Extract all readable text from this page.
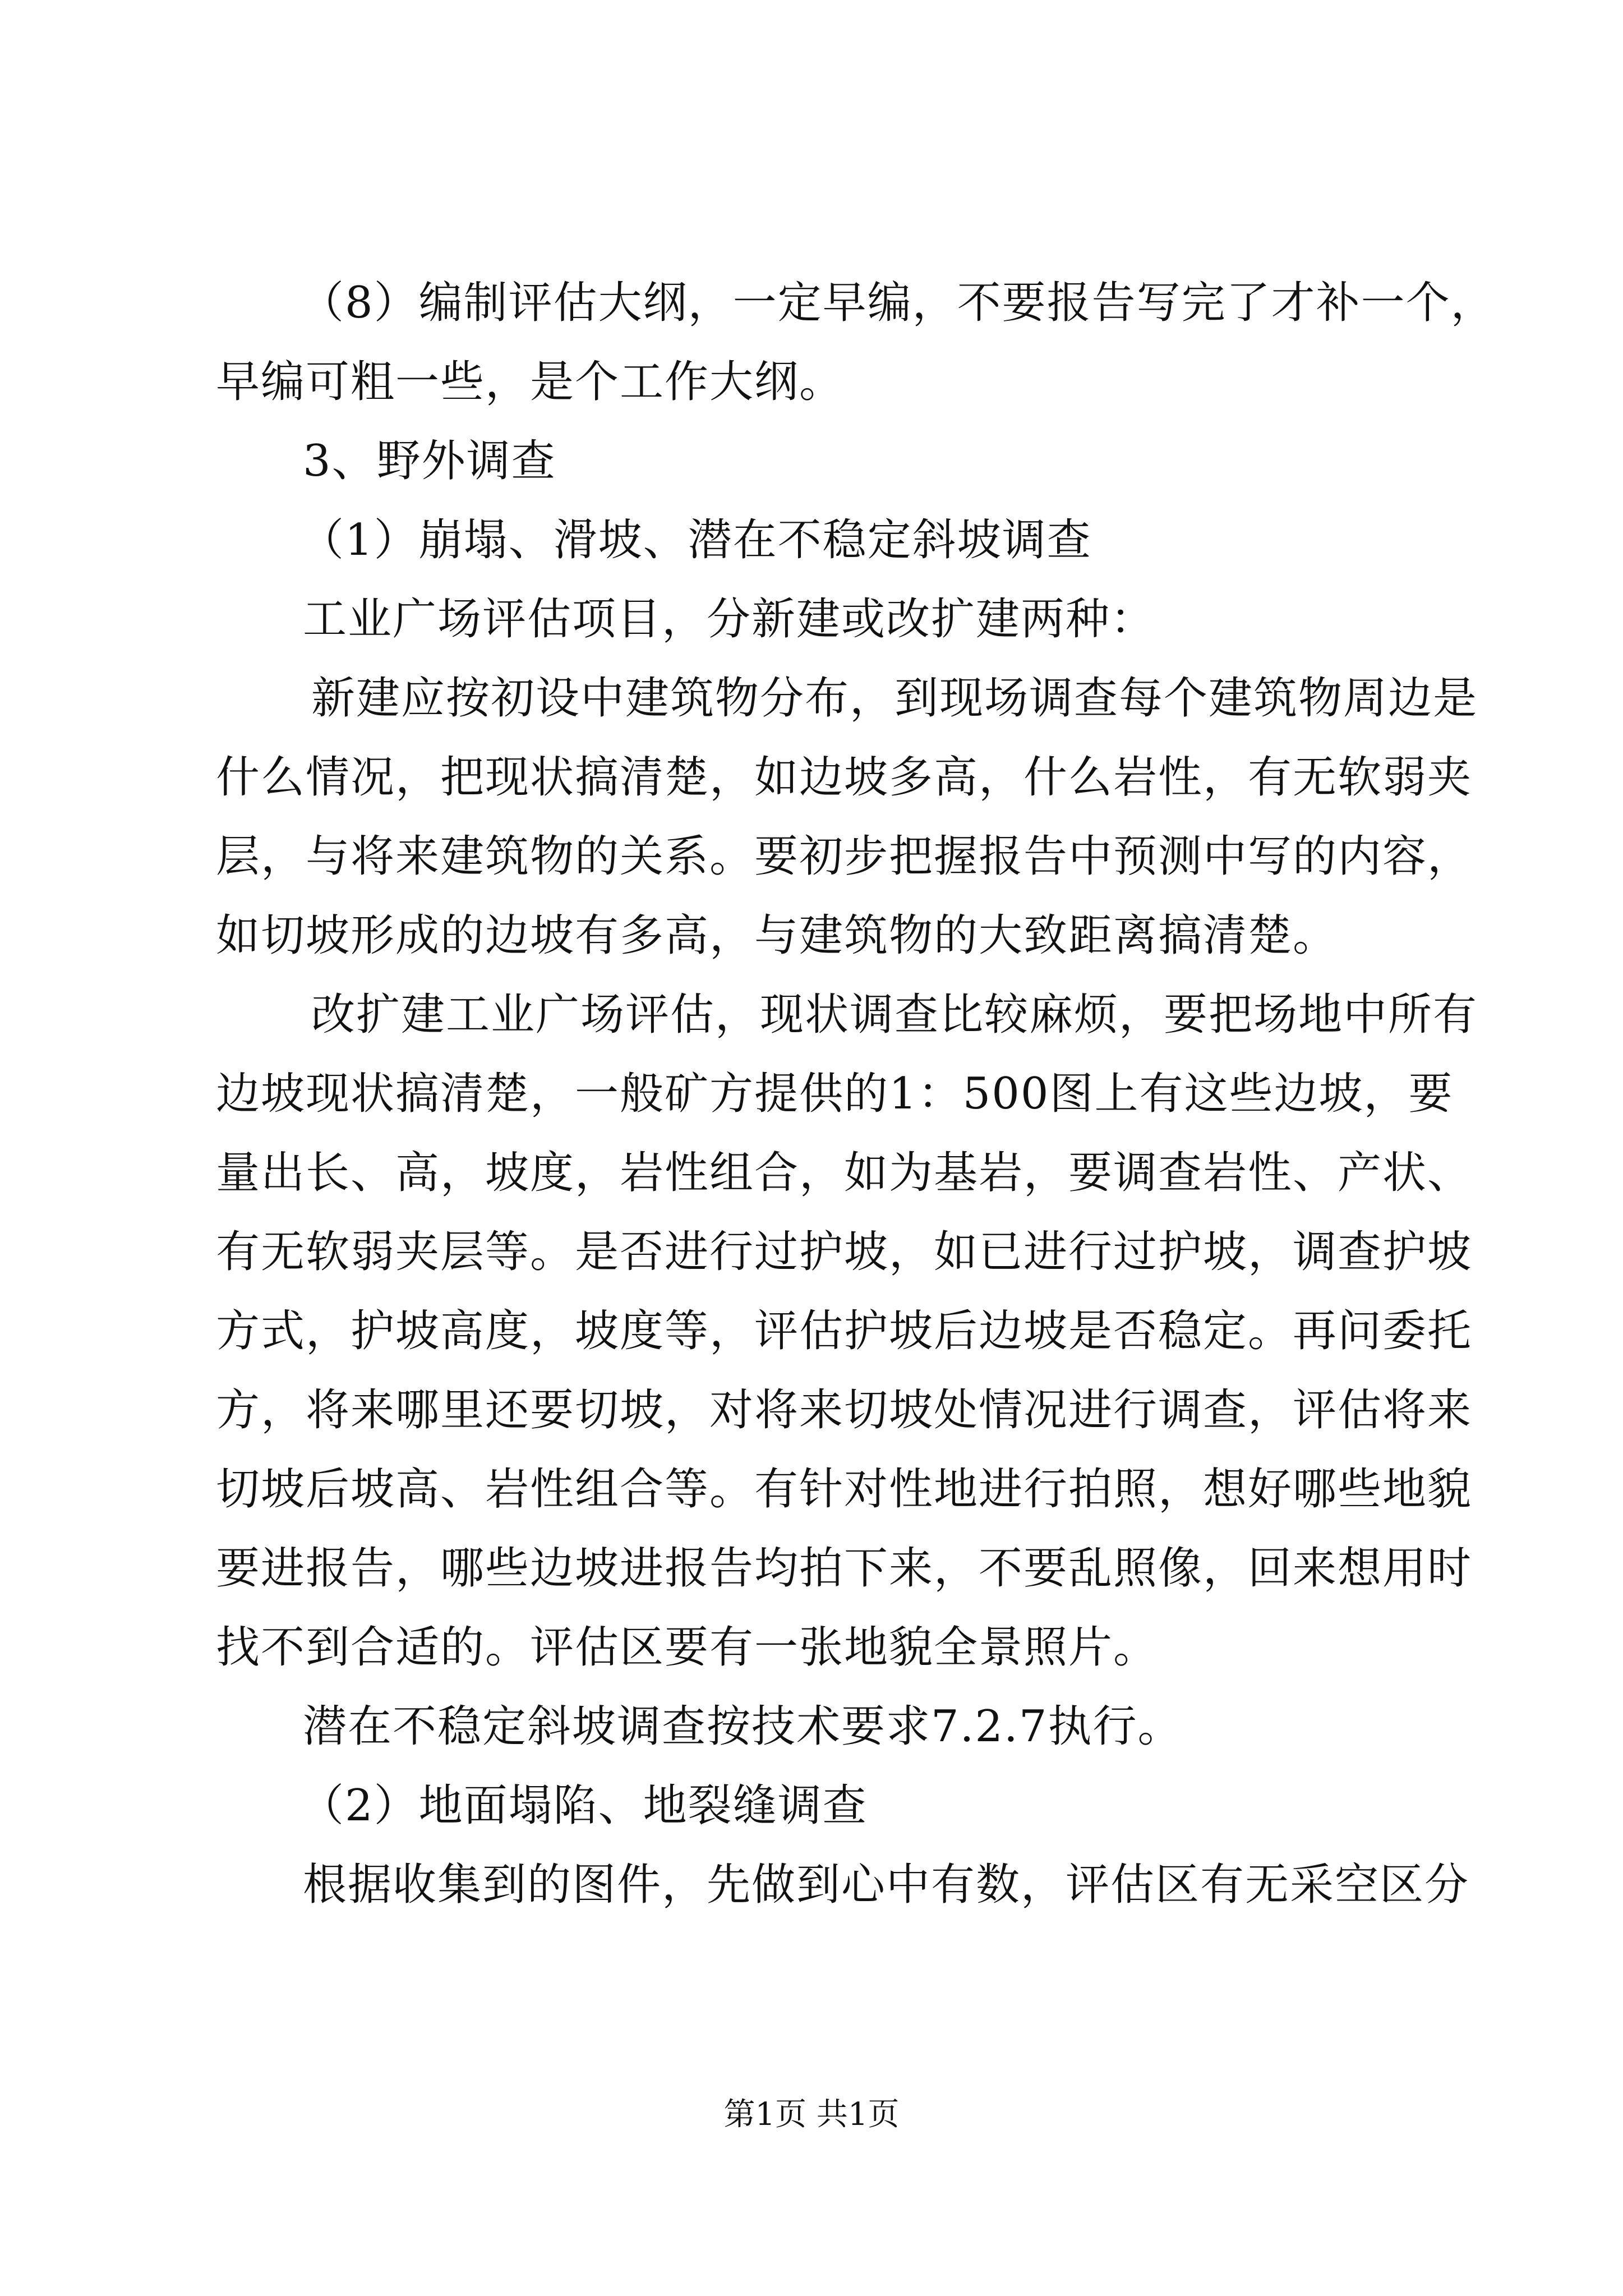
（8）编制评估大纲，一定早编，不要报告写完了才补一个，
早编可粗一些，是个工作大纲。
3、野外调查
（1）崩塌、滑坡、潜在不稳定斜坡调查
工业广场评估项目，分新建或改扩建两种：
新建应按初设中建筑物分布，到现场调查每个建筑物周边是
什么情况，把现状搞清楚，如边坡多高，什么岩性，有无软弱夹
层，与将来建筑物的关系。要初步把握报告中预测中写的内容，
如切坡形成的边坡有多高，与建筑物的大致距离搞清楚。
改扩建工业广场评估，现状调查比较麻烦，要把场地中所有
边坡现状搞清楚，一般矿方提供的1：500图上有这些边坡，要
量出长、高，坡度，岩性组合，如为基岩，要调查岩性、产状、
有无软弱夹层等。是否进行过护坡，如已进行过护坡，调查护坡
方式，护坡高度，坡度等，评估护坡后边坡是否稳定。再问委托
方，将来哪里还要切坡，对将来切坡处情况进行调查，评估将来
切坡后坡高、岩性组合等。有针对性地进行拍照，想好哪些地貌
要进报告，哪些边坡进报告均拍下来，不要乱照像，回来想用时
找不到合适的。评估区要有一张地貌全景照片。
潜在不稳定斜坡调查按技术要求7.2.7执行。
（2）地面塌陷、地裂缝调查
根据收集到的图件，先做到心中有数，评估区有无采空区分
第1页 共1页
